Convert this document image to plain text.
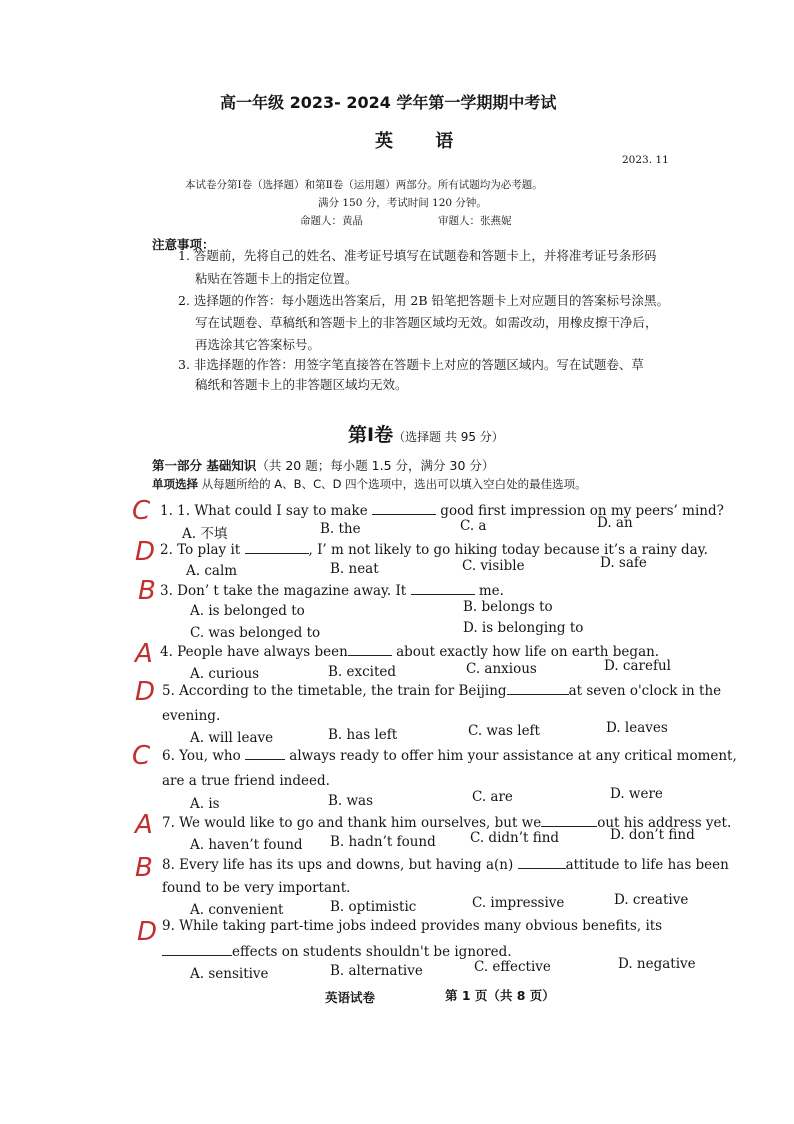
高一年级 2023- 2024 学年第一学期期中考试
英 语
2023. 11
本试卷分第Ⅰ卷（选择题）和第Ⅱ卷（运用题）两部分。所有试题均为必考题。
满分 150 分，考试时间 120 分钟。
命题人：黄晶	审题人：张燕妮
注意事项：
1. 答题前，先将自己的姓名、准考证号填写在试题卷和答题卡上，并将准考证号条形码
粘贴在答题卡上的指定位置。
2. 选择题的作答：每小题选出答案后，用 2B 铅笔把答题卡上对应题目的答案标号涂黑。
写在试题卷、草稿纸和答题卡上的非答题区域均无效。如需改动，用橡皮擦干净后，
再选涂其它答案标号。
3. 非选择题的作答：用签字笔直接答在答题卡上对应的答题区域内。写在试题卷、草
稿纸和答题卡上的非答题区域均无效。
第Ⅰ卷（选择题 共 95 分）
第一部分 基础知识（共 20 题；每小题 1.5 分，满分 30 分）
单项选择 从每题所给的 A、B、C、D 四个选项中，选出可以填入空白处的最佳选项。
C 1. 1. What could I say to make	good first impression on my peers’ mind?
A. 不填	B. the	C. a	D. an
D 2. To play it	, I’ m not likely to go hiking today because it’s a rainy day.
A. calm	B. neat	C. visible	D. safe
B 3. Don’ t take the magazine away. It	me.
A. is belonged to	B. belongs to
C. was belonged to	D. is belonging to
A 4. People have always been	about exactly how life on earth began.
A. curious	B. excited	C. anxious	D. careful
D 5. According to the timetable, the train for Beijing	at seven o'clock in the
evening.
A. will leave	B. has left	C. was left	D. leaves
C 6. You, who	always ready to offer him your assistance at any critical moment,
are a true friend indeed.
A. is	B. was	C. are	D. were
A 7. We would like to go and thank him ourselves, but we	out his address yet.
A. haven’t found B. hadn’t found	C. didn’t find	D. don’t find
B 8. Every life has its ups and downs, but having a(n)	attitude to life has been
found to be very important.
A. convenient	B. optimistic	C. impressive	D. creative
D 9. While taking part-time jobs indeed provides many obvious benefits, its
effects on students shouldn't be ignored.
A. sensitive	B. alternative	C. effective	D. negative
英语试卷	第 1 页（共 8 页）
